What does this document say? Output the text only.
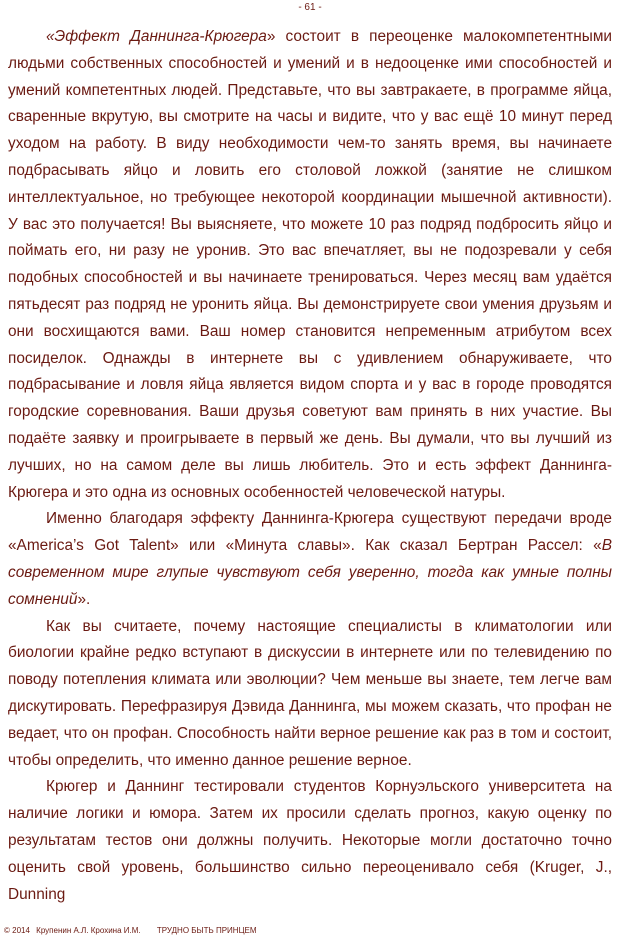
- 61 -

«Эффект Даннинга-Крюгера» состоит в переоценке малокомпетентными людьми собственных способностей и умений и в недооценке ими способностей и умений компетентных людей. Представьте, что вы завтракаете, в программе яйца, сваренные вкрутую, вы смотрите на часы и видите, что у вас ещё 10 минут перед уходом на работу. В виду необходимости чем-то занять время, вы начинаете подбрасывать яйцо и ловить его столовой ложкой (занятие не слишком интеллектуальное, но требующее некоторой координации мышечной активности). У вас это получается! Вы выясняете, что можете 10 раз подряд подбросить яйцо и поймать его, ни разу не уронив. Это вас впечатляет, вы не подозревали у себя подобных способностей и вы начинаете тренироваться. Через месяц вам удаётся пятьдесят раз подряд не уронить яйца. Вы демонстрируете свои умения друзьям и они восхищаются вами. Ваш номер становится непременным атрибутом всех посиделок. Однажды в интернете вы с удивлением обнаруживаете, что подбрасывание и ловля яйца является видом спорта и у вас в городе проводятся городские соревнования. Ваши друзья советуют вам принять в них участие. Вы подаёте заявку и проигрываете в первый же день. Вы думали, что вы лучший из лучших, но на самом деле вы лишь любитель. Это и есть эффект Даннинга-Крюгера и это одна из основных особенностей человеческой натуры.

Именно благодаря эффекту Даннинга-Крюгера существуют передачи вроде «America’s Got Talent» или «Минута славы». Как сказал Бертран Рассел: «В современном мире глупые чувствуют себя уверенно, тогда как умные полны сомнений».

Как вы считаете, почему настоящие специалисты в климатологии или биологии крайне редко вступают в дискуссии в интернете или по телевидению по поводу потепления климата или эволюции? Чем меньше вы знаете, тем легче вам дискутировать. Перефразируя Дэвида Даннинга, мы можем сказать, что профан не ведает, что он профан. Способность найти верное решение как раз в том и состоит, чтобы определить, что именно данное решение верное.

Крюгер и Даннинг тестировали студентов Корнуэльского университета на наличие логики и юмора. Затем их просили сделать прогноз, какую оценку по результатам тестов они должны получить. Некоторые могли достаточно точно оценить свой уровень, большинство сильно переоценивало себя (Kruger, J., Dunning

© 2014 Крупенин А.Л. Крохина И.М. ТРУДНО БЫТЬ ПРИНЦЕМ
